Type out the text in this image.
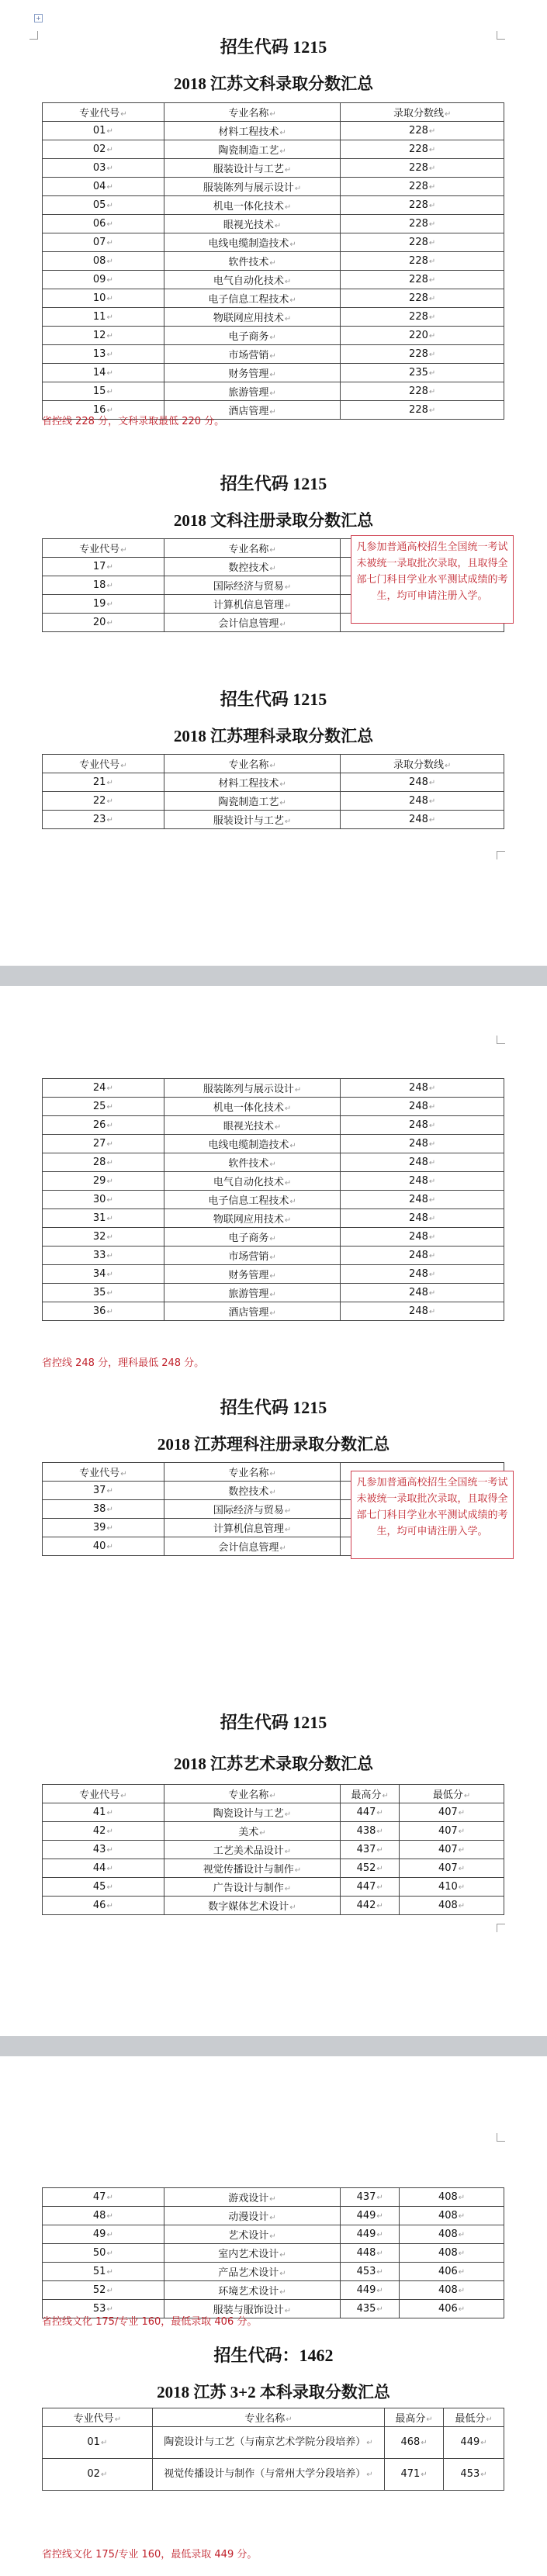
+
招生代码 1215
2018 江苏文科录取分数汇总
专业代号 ↵	专业名称 ↵	录取分数线 ↵
01 ↵	材料工程技术 ↵	228 ↵
02 ↵	陶瓷制造工艺 ↵	228 ↵
03 ↵	服装设计与工艺 ↵	228 ↵
04 ↵	服装陈列与展示设计 ↵	228 ↵
05 ↵	机电一体化技术 ↵	228 ↵
06 ↵	眼视光技术 ↵	228 ↵
07 ↵	电线电缆制造技术 ↵	228 ↵
08 ↵	软件技术 ↵	228 ↵
09 ↵	电气自动化技术 ↵	228 ↵
10 ↵	电子信息工程技术 ↵	228 ↵
11 ↵	物联网应用技术 ↵	228 ↵
12 ↵	电子商务 ↵	220 ↵
13 ↵	市场营销 ↵	228 ↵
14 ↵	财务管理 ↵	235 ↵
15 ↵	旅游管理 ↵	228 ↵
16 ↵	酒店管理 ↵	228 ↵
省控线 228 分，文科录取最低 220 分。
招生代码 1215
2018 文科注册录取分数汇总
专业代号 ↵	专业名称 ↵	
17 ↵	数控技术 ↵	
18 ↵	国际经济与贸易 ↵	
19 ↵	计算机信息管理 ↵	
20 ↵	会计信息管理 ↵	
凡参加普通高校招生全国统一考试未被统一录取批次录取，且取得全部七门科目学业水平测试成绩的考生，均可申请注册入学。
招生代码 1215
2018 江苏理科录取分数汇总
专业代号 ↵	专业名称 ↵	录取分数线 ↵
21 ↵	材料工程技术 ↵	248 ↵
22 ↵	陶瓷制造工艺 ↵	248 ↵
23 ↵	服装设计与工艺 ↵	248 ↵
24 ↵	服装陈列与展示设计 ↵	248 ↵
25 ↵	机电一体化技术 ↵	248 ↵
26 ↵	眼视光技术 ↵	248 ↵
27 ↵	电线电缆制造技术 ↵	248 ↵
28 ↵	软件技术 ↵	248 ↵
29 ↵	电气自动化技术 ↵	248 ↵
30 ↵	电子信息工程技术 ↵	248 ↵
31 ↵	物联网应用技术 ↵	248 ↵
32 ↵	电子商务 ↵	248 ↵
33 ↵	市场营销 ↵	248 ↵
34 ↵	财务管理 ↵	248 ↵
35 ↵	旅游管理 ↵	248 ↵
36 ↵	酒店管理 ↵	248 ↵
省控线 248 分，理科最低 248 分。
招生代码 1215
2018 江苏理科注册录取分数汇总
专业代号 ↵	专业名称 ↵	
37 ↵	数控技术 ↵	
38 ↵	国际经济与贸易 ↵	
39 ↵	计算机信息管理 ↵	
40 ↵	会计信息管理 ↵	
凡参加普通高校招生全国统一考试未被统一录取批次录取，且取得全部七门科目学业水平测试成绩的考生，均可申请注册入学。
招生代码 1215
2018 江苏艺术录取分数汇总
专业代号 ↵	专业名称 ↵	最高分 ↵	最低分 ↵
41 ↵	陶瓷设计与工艺 ↵	447 ↵	407 ↵
42 ↵	美术 ↵	438 ↵	407 ↵
43 ↵	工艺美术品设计 ↵	437 ↵	407 ↵
44 ↵	视觉传播设计与制作 ↵	452 ↵	407 ↵
45 ↵	广告设计与制作 ↵	447 ↵	410 ↵
46 ↵	数字媒体艺术设计 ↵	442 ↵	408 ↵
47 ↵	游戏设计 ↵	437 ↵	408 ↵
48 ↵	动漫设计 ↵	449 ↵	408 ↵
49 ↵	艺术设计 ↵	449 ↵	408 ↵
50 ↵	室内艺术设计 ↵	448 ↵	408 ↵
51 ↵	产品艺术设计 ↵	453 ↵	406 ↵
52 ↵	环境艺术设计 ↵	449 ↵	408 ↵
53 ↵	服装与服饰设计 ↵	435 ↵	406 ↵
省控线文化 175/专业 160，最低录取 406 分。
招生代码：1462
2018 江苏 3+2 本科录取分数汇总
专业代号 ↵	专业名称 ↵	最高分 ↵	最低分 ↵
01 ↵	陶瓷设计与工艺（与南京艺术学院分段培养） ↵	468 ↵	449 ↵
02 ↵	视觉传播设计与制作（与常州大学分段培养） ↵	471 ↵	453 ↵
省控线文化 175/专业 160，最低录取 449 分。
